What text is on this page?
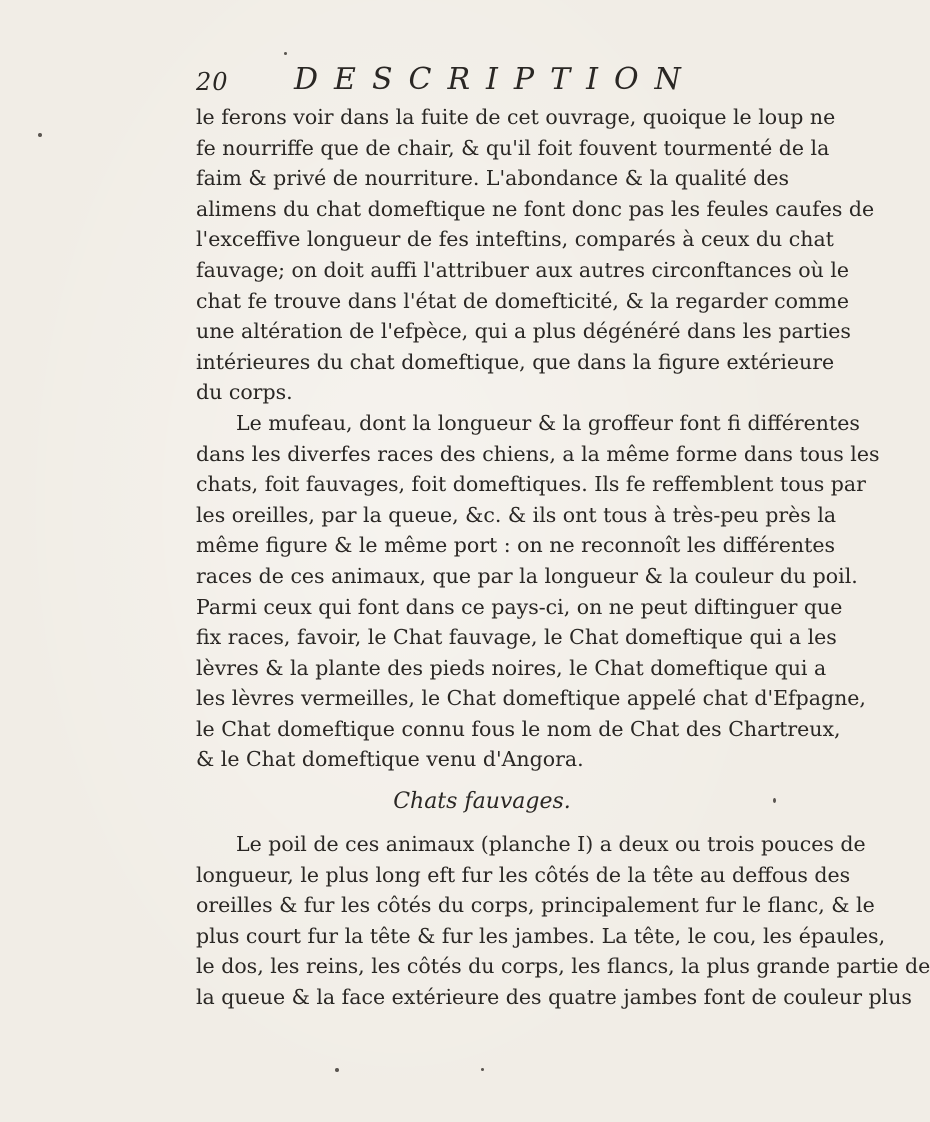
20 DESCRIPTION
le ferons voir dans la fuite de cet ouvrage, quoique le loup ne
fe nourriffe que de chair, & qu'il foit fouvent tourmenté de la
faim & privé de nourriture. L'abondance & la qualité des
alimens du chat domeftique ne font donc pas les feules caufes de
l'exceffive longueur de fes inteftins, comparés à ceux du chat
fauvage; on doit auffi l'attribuer aux autres circonftances où le
chat fe trouve dans l'état de domefticité, & la regarder comme
une altération de l'efpèce, qui a plus dégénéré dans les parties
intérieures du chat domeftique, que dans la figure extérieure
du corps.
Le mufeau, dont la longueur & la groffeur font fi différentes
dans les diverfes races des chiens, a la même forme dans tous les
chats, foit fauvages, foit domeftiques. Ils fe reffemblent tous par
les oreilles, par la queue, &c. & ils ont tous à très-peu près la
même figure & le même port : on ne reconnoît les différentes
races de ces animaux, que par la longueur & la couleur du poil.
Parmi ceux qui font dans ce pays-ci, on ne peut diftinguer que
fix races, favoir, le Chat fauvage, le Chat domeftique qui a les
lèvres & la plante des pieds noires, le Chat domeftique qui a
les lèvres vermeilles, le Chat domeftique appelé chat d'Efpagne,
le Chat domeftique connu fous le nom de Chat des Chartreux,
& le Chat domeftique venu d'Angora.
Chats fauvages.
Le poil de ces animaux (planche I) a deux ou trois pouces de
longueur, le plus long eft fur les côtés de la tête au deffous des
oreilles & fur les côtés du corps, principalement fur le flanc, & le
plus court fur la tête & fur les jambes. La tête, le cou, les épaules,
le dos, les reins, les côtés du corps, les flancs, la plus grande partie de
la queue & la face extérieure des quatre jambes font de couleur plus
